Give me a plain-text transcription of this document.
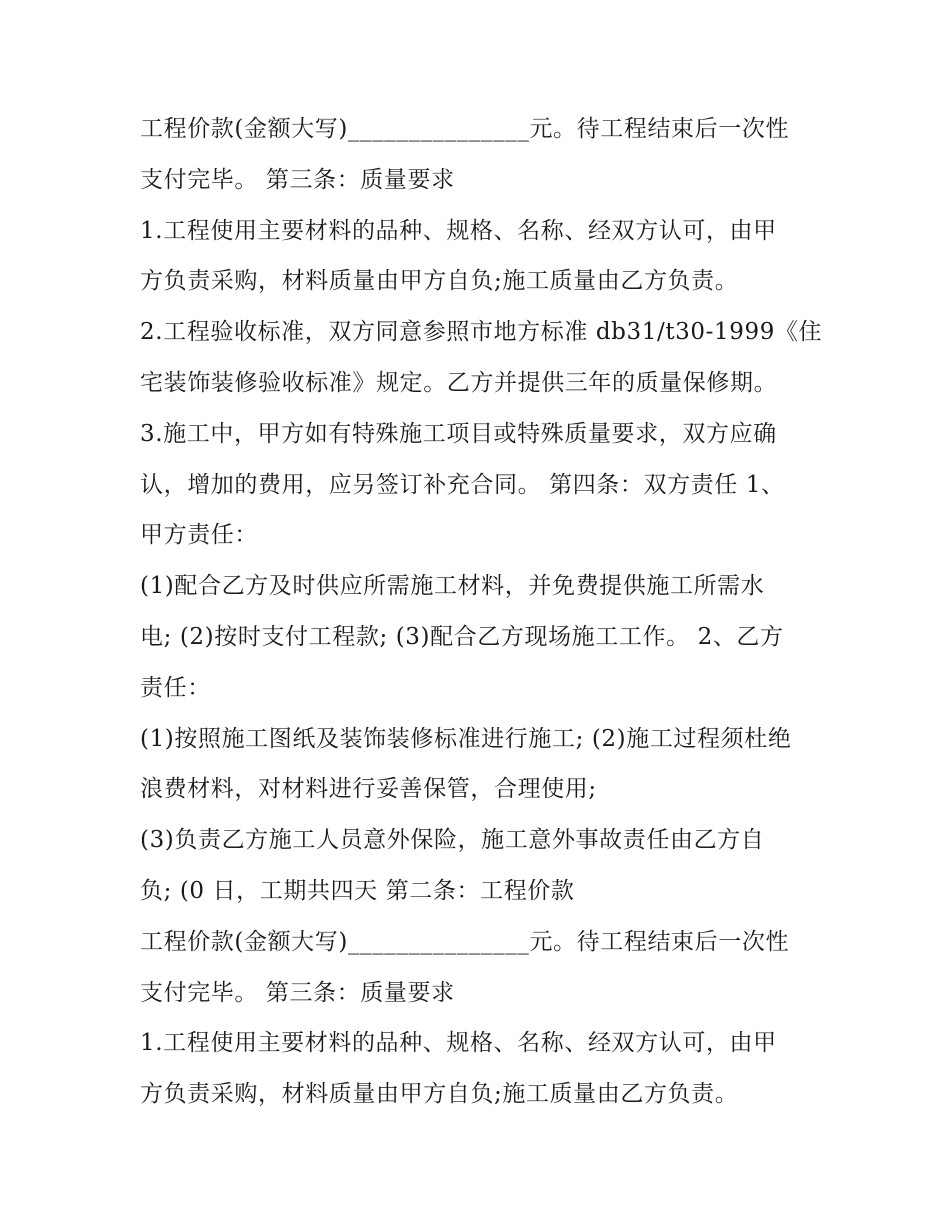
工程价款(金额大写)_______________元。待工程结束后一次性
支付完毕。 第三条：质量要求
1.工程使用主要材料的品种、规格、名称、经双方认可，由甲
方负责采购，材料质量由甲方自负;施工质量由乙方负责。
2.工程验收标准，双方同意参照市地方标准 db31/t30-1999《住
宅装饰装修验收标准》规定。乙方并提供三年的质量保修期。
3.施工中，甲方如有特殊施工项目或特殊质量要求，双方应确
认，增加的费用，应另签订补充合同。 第四条：双方责任 1、
甲方责任：
(1)配合乙方及时供应所需施工材料，并免费提供施工所需水
电; (2)按时支付工程款; (3)配合乙方现场施工工作。 2、乙方
责任：
(1)按照施工图纸及装饰装修标准进行施工; (2)施工过程须杜绝
浪费材料，对材料进行妥善保管，合理使用;
(3)负责乙方施工人员意外保险，施工意外事故责任由乙方自
负; (0 日，工期共四天 第二条：工程价款
工程价款(金额大写)_______________元。待工程结束后一次性
支付完毕。 第三条：质量要求
1.工程使用主要材料的品种、规格、名称、经双方认可，由甲
方负责采购，材料质量由甲方自负;施工质量由乙方负责。
